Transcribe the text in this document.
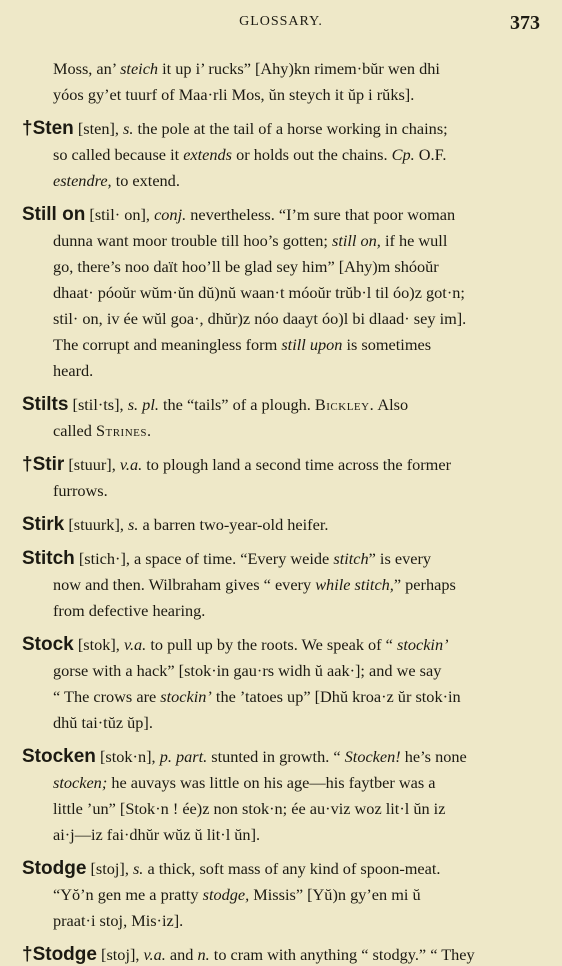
GLOSSARY.	373
Moss, an’ steich it up i’ rucks” [Ahy)kn rimem·bŭr wen dhi
yóos gy’et tuurf of Maa·rli Mos, ŭn steych it ŭp i rŭks].
†Sten [sten], s. the pole at the tail of a horse working in chains;
so called because it extends or holds out the chains. Cp. O.F.
estendre, to extend.
Still on [stil· on], conj. nevertheless. “I’m sure that poor woman
dunna want moor trouble till hoo’s gotten; still on, if he wull
go, there’s noo daït hoo’ll be glad sey him” [Ahy)m shóoŭr
dhaat· póoŭr wŭm·ŭn dŭ)nŭ waan·t móoŭr trŭb·l til óo)z got·n;
stil· on, iv ée wŭl goa·, dhŭr)z nóo daayt óo)l bi dlaad· sey im].
The corrupt and meaningless form still upon is sometimes
heard.
Stilts [stil·ts], s. pl. the “tails” of a plough. Bickley. Also
called Strines.
†Stir [stuur], v.a. to plough land a second time across the former
furrows.
Stirk [stuurk], s. a barren two-year-old heifer.
Stitch [stich·], a space of time. “Every weide stitch” is every
now and then. Wilbraham gives “ every while stitch,” perhaps
from defective hearing.
Stock [stok], v.a. to pull up by the roots. We speak of “ stockin’
gorse with a hack” [stok·in gau·rs widh ŭ aak·]; and we say
“ The crows are stockin’ the ’tatoes up” [Dhŭ kroa·z ŭr stok·in
dhŭ tai·tŭz ŭp].
Stocken [stok·n], p. part. stunted in growth. “ Stocken! he’s none
stocken; he auvays was little on his age—his faytber was a
little ’un” [Stok·n ! ée)z non stok·n; ée au·viz woz lit·l ŭn iz
ai·j—iz fai·dhŭr wŭz ŭ lit·l ŭn].
Stodge [stoj], s. a thick, soft mass of any kind of spoon-meat.
“Yŏ’n gen me a pratty stodge, Missis” [Yŭ)n gy’en mi ŭ
praat·i stoj, Mis·iz].
†Stodge [stoj], v.a. and n. to cram with anything “ stodgy.” “ They
